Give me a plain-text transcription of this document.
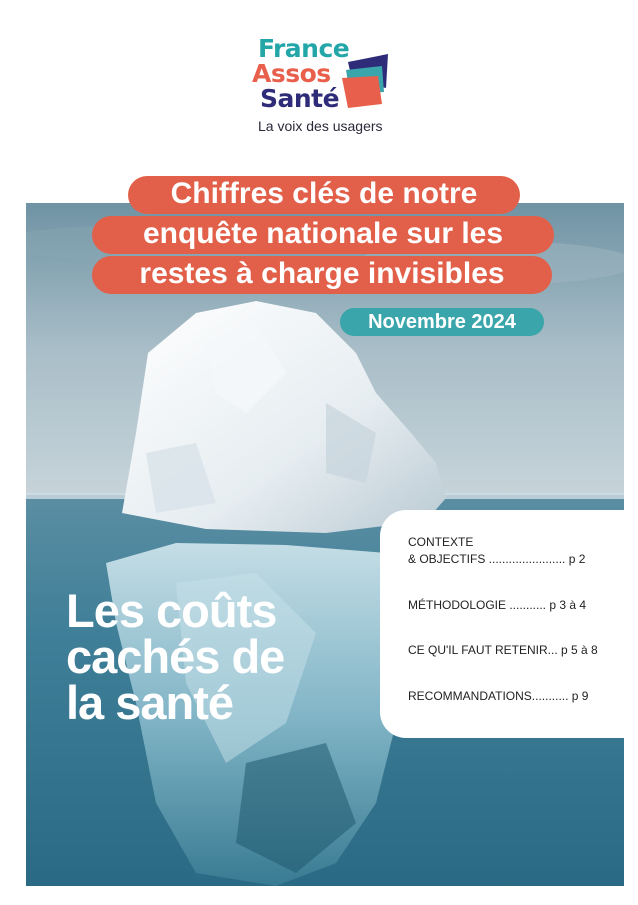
France
Assos
Santé
La voix des usagers
Chiffres clés de notre
enquête nationale sur les
restes à charge invisibles
Novembre 2024
Les coûts
cachés de
la santé
CONTEXTE
& OBJECTIFS ....................... p 2
MÉTHODOLOGIE ........... p 3 à 4
CE QU'IL FAUT RETENIR... p 5 à 8
RECOMMANDATIONS........... p 9
